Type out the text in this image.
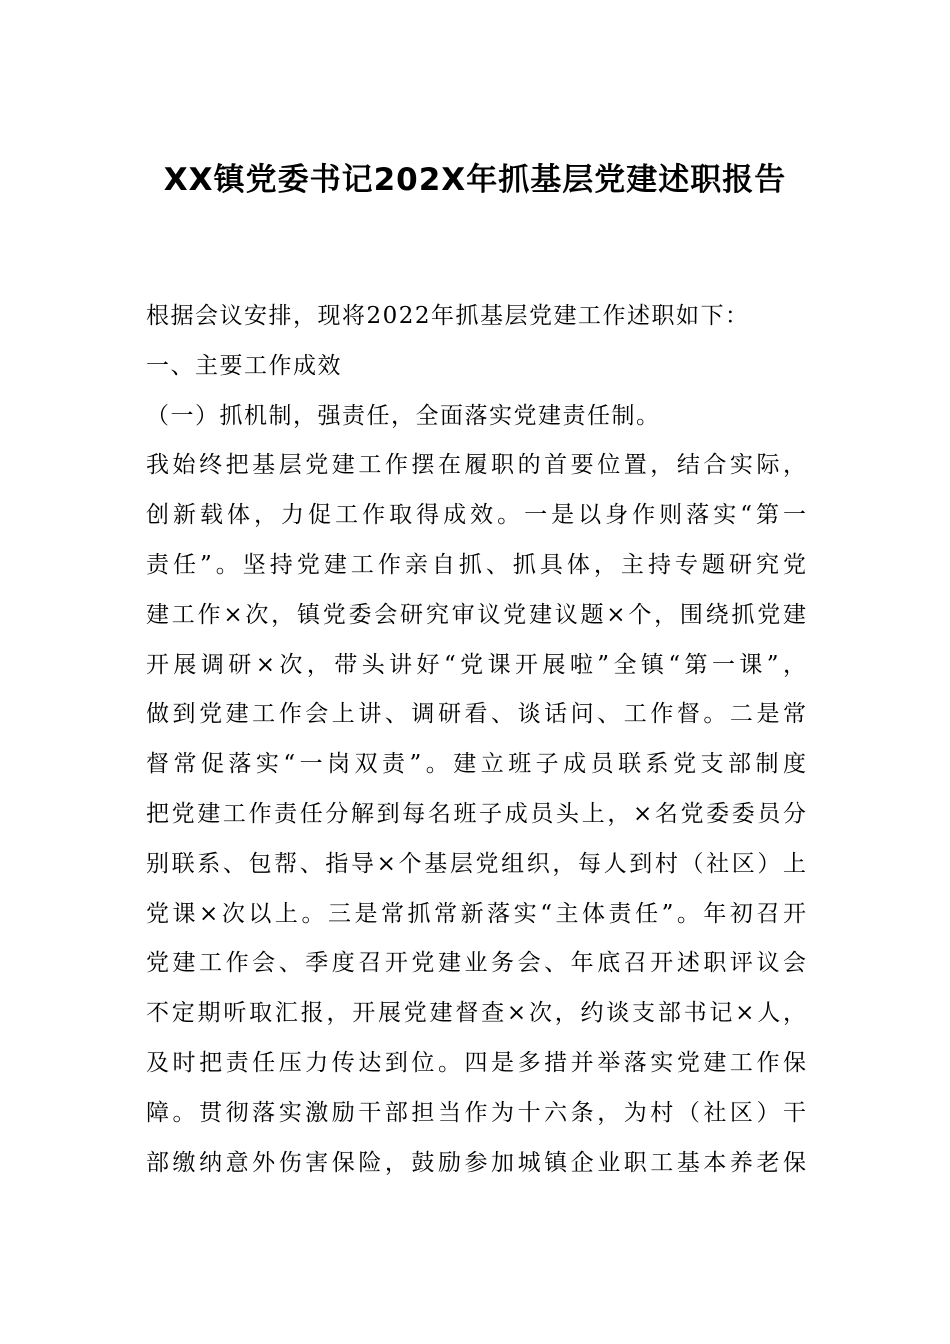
XX镇党委书记202X年抓基层党建述职报告
根据会议安排，现将2022年抓基层党建工作述职如下：
一、主要工作成效
（一）抓机制，强责任，全面落实党建责任制。
我始终把基层党建工作摆在履职的首要位置，结合实际，
创新载体，力促工作取得成效。一是以身作则落实“第一
责任”。坚持党建工作亲自抓、抓具体，主持专题研究党
建工作×次，镇党委会研究审议党建议题×个，围绕抓党建
开展调研×次，带头讲好“党课开展啦”全镇“第一课”，
做到党建工作会上讲、调研看、谈话问、工作督。二是常
督常促落实“一岗双责”。建立班子成员联系党支部制度
把党建工作责任分解到每名班子成员头上，×名党委委员分
别联系、包帮、指导×个基层党组织，每人到村（社区）上
党课×次以上。三是常抓常新落实“主体责任”。年初召开
党建工作会、季度召开党建业务会、年底召开述职评议会
不定期听取汇报，开展党建督查×次，约谈支部书记×人，
及时把责任压力传达到位。四是多措并举落实党建工作保
障。贯彻落实激励干部担当作为十六条，为村（社区）干
部缴纳意外伤害保险，鼓励参加城镇企业职工基本养老保
